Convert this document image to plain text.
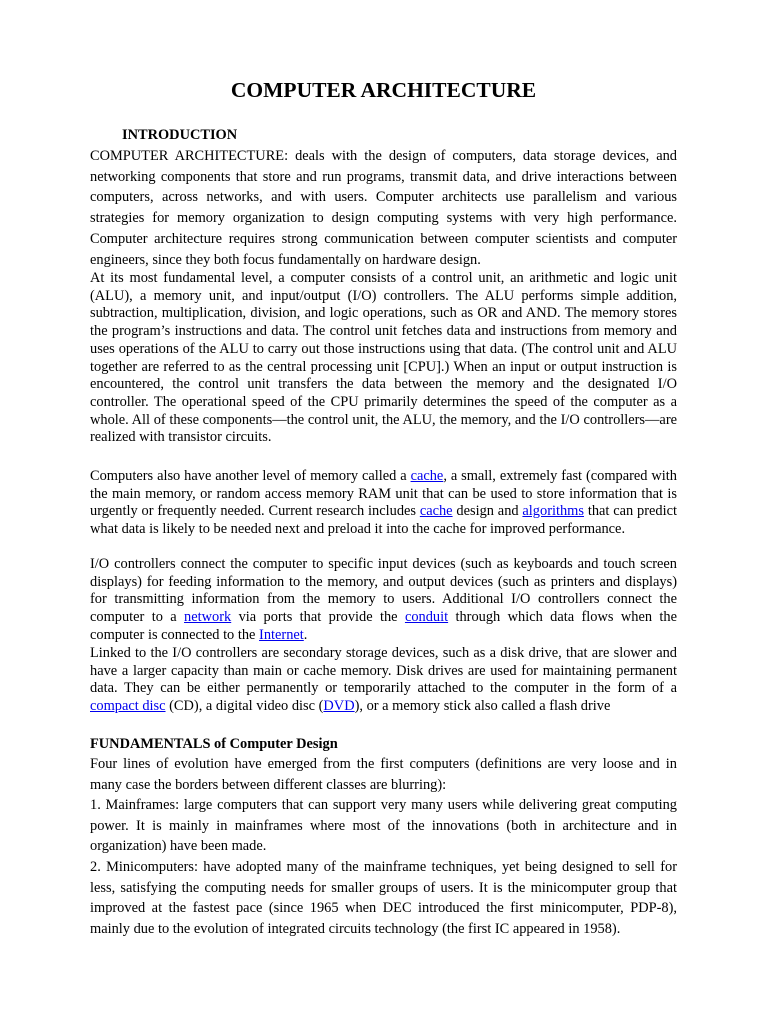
COMPUTER ARCHITECTURE
INTRODUCTION

COMPUTER ARCHITECTURE: deals with the design of computers, data storage devices, and networking components that store and run programs, transmit data, and drive interactions between computers, across networks, and with users. Computer architects use parallelism and various strategies for memory organization to design computing systems with very high performance. Computer architecture requires strong communication between computer scientists and computer engineers, since they both focus fundamentally on hardware design.

At its most fundamental level, a computer consists of a control unit, an arithmetic and logic unit (ALU), a memory unit, and input/output (I/O) controllers. The ALU performs simple addition, subtraction, multiplication, division, and logic operations, such as OR and AND. The memory stores the program’s instructions and data. The control unit fetches data and instructions from memory and uses operations of the ALU to carry out those instructions using that data. (The control unit and ALU together are referred to as the central processing unit [CPU].) When an input or output instruction is encountered, the control unit transfers the data between the memory and the designated I/O controller. The operational speed of the CPU primarily determines the speed of the computer as a whole. All of these components—the control unit, the ALU, the memory, and the I/O controllers—are realized with transistor circuits.

Computers also have another level of memory called a cache, a small, extremely fast (compared with the main memory, or random access memory RAM unit that can be used to store information that is urgently or frequently needed. Current research includes cache design and algorithms that can predict what data is likely to be needed next and preload it into the cache for improved performance.

I/O controllers connect the computer to specific input devices (such as keyboards and touch screen displays) for feeding information to the memory, and output devices (such as printers and displays) for transmitting information from the memory to users. Additional I/O controllers connect the computer to a network via ports that provide the conduit through which data flows when the computer is connected to the Internet.

Linked to the I/O controllers are secondary storage devices, such as a disk drive, that are slower and have a larger capacity than main or cache memory. Disk drives are used for maintaining permanent data. They can be either permanently or temporarily attached to the computer in the form of a compact disc (CD), a digital video disc (DVD), or a memory stick also called a flash drive

FUNDAMENTALS of Computer Design

Four lines of evolution have emerged from the first computers (definitions are very loose and in many case the borders between different classes are blurring):

1. Mainframes: large computers that can support very many users while delivering great computing power. It is mainly in mainframes where most of the innovations (both in architecture and in organization) have been made.

2. Minicomputers: have adopted many of the mainframe techniques, yet being designed to sell for less, satisfying the computing needs for smaller groups of users. It is the minicomputer group that improved at the fastest pace (since 1965 when DEC introduced the first minicomputer, PDP-8), mainly due to the evolution of integrated circuits technology (the first IC appeared in 1958).
